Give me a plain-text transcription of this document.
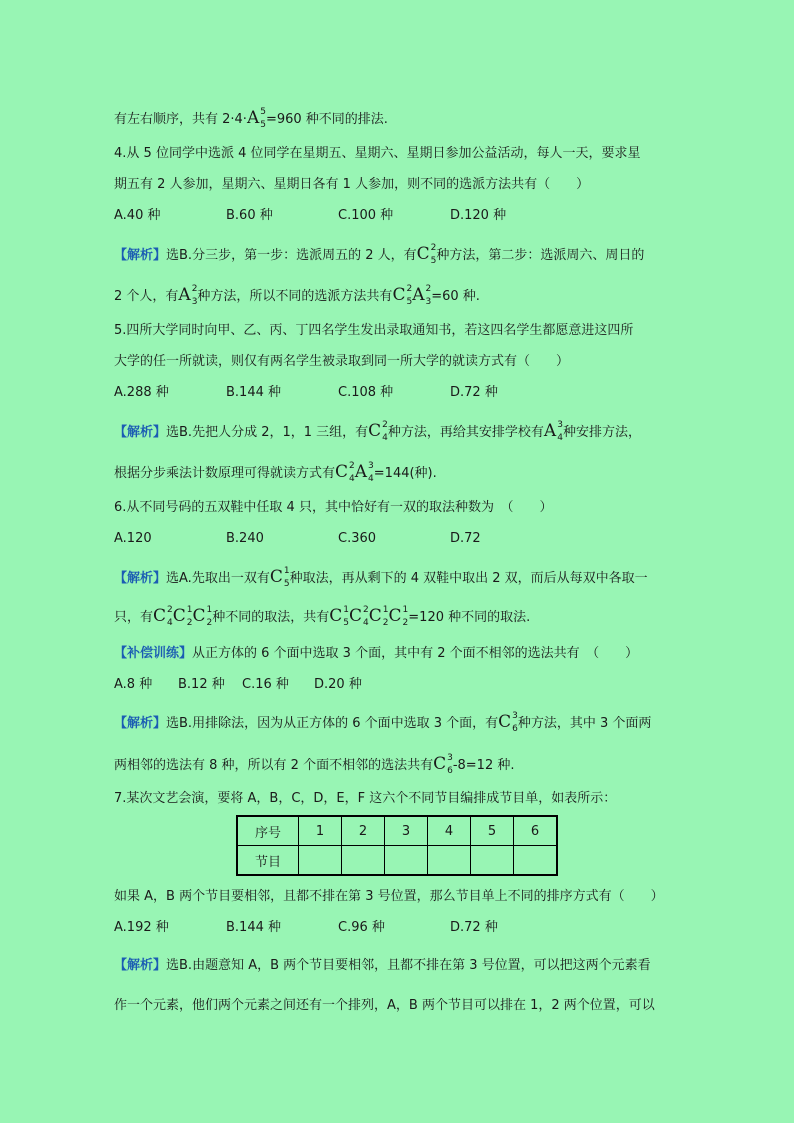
有左右顺序，共有 2·4·A 5
5 =960 种不同的排法.
4.从 5 位同学中选派 4 位同学在星期五、星期六、星期日参加公益活动，每人一天，要求星
期五有 2 人参加，星期六、星期日各有 1 人参加，则不同的选派方法共有（　　）
A.40 种	B.60 种	C.100 种	D.120 种
【解析】选B.分三步，第一步：选派周五的 2 人，有C 2
5 种方法，第二步：选派周六、周日的
2 个人，有A 2
3 种方法，所以不同的选派方法共有C 2
5 A 2
3 =60 种.
5.四所大学同时向甲、乙、丙、丁四名学生发出录取通知书，若这四名学生都愿意进这四所
大学的任一所就读，则仅有两名学生被录取到同一所大学的就读方式有（　　）
A.288 种	B.144 种	C.108 种	D.72 种
【解析】选B.先把人分成 2，1，1 三组，有C 2
4 种方法，再给其安排学校有A 3
4 种安排方法，
根据分步乘法计数原理可得就读方式有C 2
4 A 3
4 =144(种).
6.从不同号码的五双鞋中任取 4 只，其中恰好有一双的取法种数为　（　　）
A.120	B.240	C.360	D.72
【解析】选A.先取出一双有C 1
5 种取法，再从剩下的 4 双鞋中取出 2 双，而后从每双中各取一
只，有C 2
4 C 1
2 C 1
2 种不同的取法，共有C 1
5 C 2
4 C 1
2 C 1
2 =120 种不同的取法.
【补偿训练】从正方体的 6 个面中选取 3 个面，其中有 2 个面不相邻的选法共有　（　　）
A.8 种 B.12 种 C.16 种 D.20 种
【解析】选B.用排除法，因为从正方体的 6 个面中选取 3 个面，有C 3
6 种方法，其中 3 个面两
两相邻的选法有 8 种，所以有 2 个面不相邻的选法共有C 3
6 -8=12 种.
7.某次文艺会演，要将 A，B，C，D，E，F 这六个不同节目编排成节目单，如表所示：
序号	1	2	3	4	5	6
节目						
如果 A，B 两个节目要相邻，且都不排在第 3 号位置，那么节目单上不同的排序方式有（　　）
A.192 种	B.144 种	C.96 种	D.72 种
【解析】选B.由题意知 A，B 两个节目要相邻，且都不排在第 3 号位置，可以把这两个元素看
作一个元素，他们两个元素之间还有一个排列，A，B 两个节目可以排在 1，2 两个位置，可以
